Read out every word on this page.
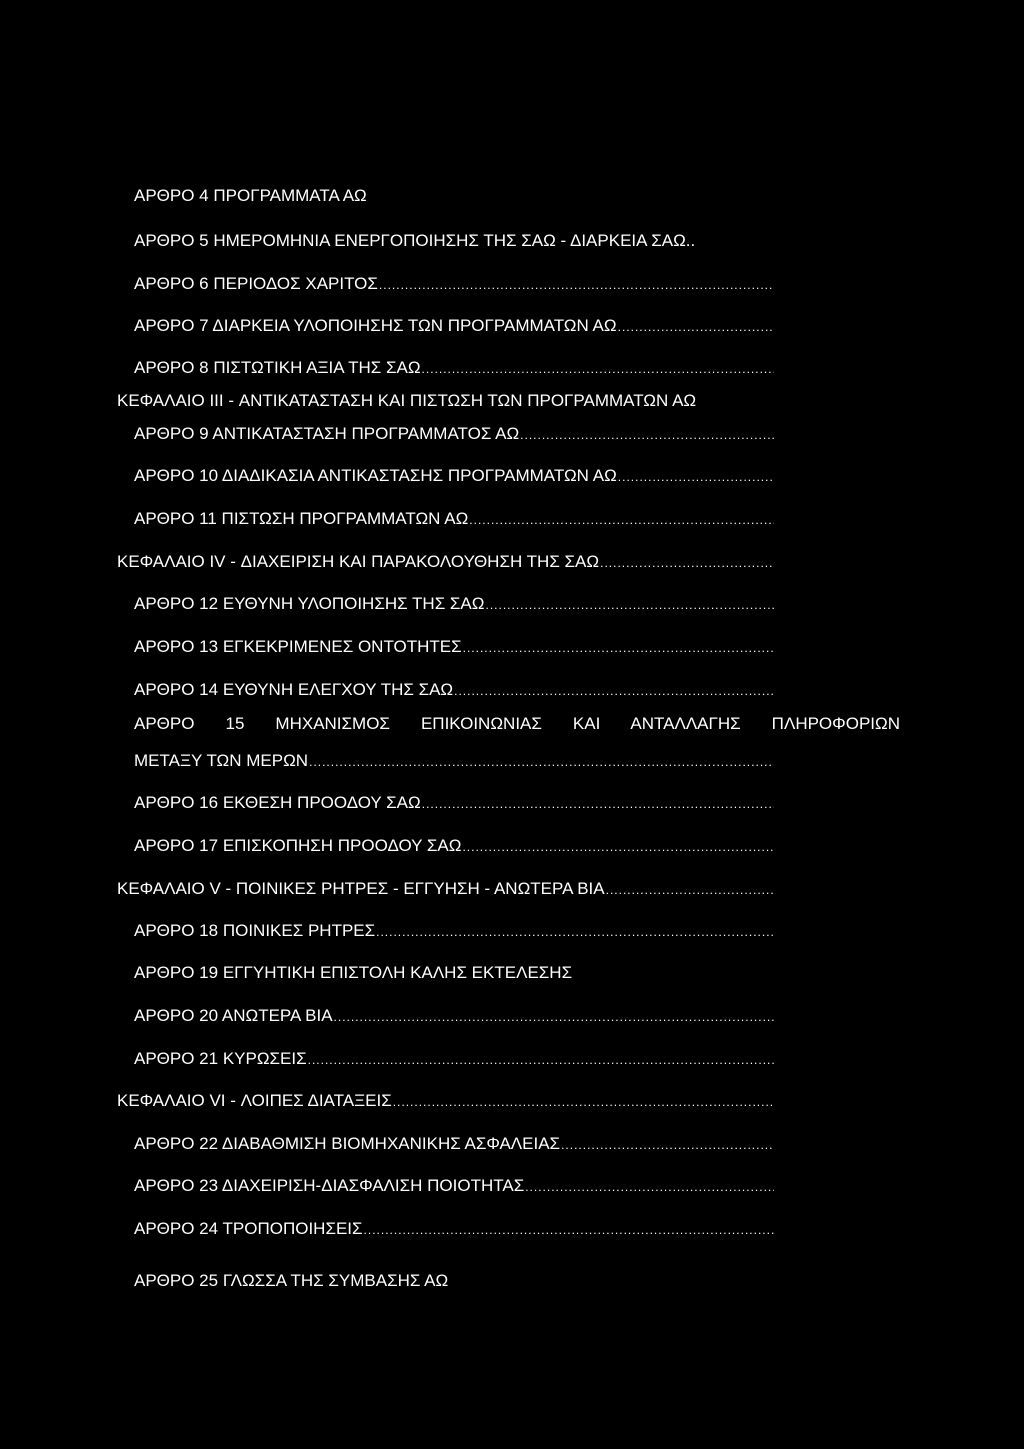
ΑΡΘΡΟ 4 ΠΡΟΓΡΑΜΜΑΤΑ ΑΩ
ΑΡΘΡΟ 5 ΗΜΕΡΟΜΗΝΙΑ ΕΝΕΡΓΟΠΟΙΗΣΗΣ ΤΗΣ ΣΑΩ - ΔΙΑΡΚΕΙΑ ΣΑΩ..
ΑΡΘΡΟ 6 ΠΕΡΙΟΔΟΣ ΧΑΡΙΤΟΣ
.....
ΑΡΘΡΟ 7 ΔΙΑΡΚΕΙΑ ΥΛΟΠΟΙΗΣΗΣ ΤΩΝ ΠΡΟΓΡΑΜΜΑΤΩΝ ΑΩ
.....
ΑΡΘΡΟ 8 ΠΙΣΤΩΤΙΚΗ ΑΞΙΑ ΤΗΣ ΣΑΩ
.....
ΚΕΦΑΛΑΙΟ III - ΑΝΤΙΚΑΤΑΣΤΑΣΗ ΚΑΙ ΠΙΣΤΩΣΗ ΤΩΝ ΠΡΟΓΡΑΜΜΑΤΩΝ ΑΩ
ΑΡΘΡΟ 9 ΑΝΤΙΚΑΤΑΣΤΑΣΗ ΠΡΟΓΡΑΜΜΑΤΟΣ ΑΩ
.....
ΑΡΘΡΟ 10 ΔΙΑΔΙΚΑΣΙΑ ΑΝΤΙΚΑΣΤΑΣΗΣ ΠΡΟΓΡΑΜΜΑΤΩΝ ΑΩ
.....
ΑΡΘΡΟ 11 ΠΙΣΤΩΣΗ ΠΡΟΓΡΑΜΜΑΤΩΝ ΑΩ
.....
ΚΕΦΑΛΑΙΟ IV - ΔΙΑΧΕΙΡΙΣΗ ΚΑΙ ΠΑΡΑΚΟΛΟΥΘΗΣΗ ΤΗΣ ΣΑΩ
.....
ΑΡΘΡΟ 12 ΕΥΘΥΝΗ ΥΛΟΠΟΙΗΣΗΣ ΤΗΣ ΣΑΩ
.....
ΑΡΘΡΟ 13 ΕΓΚΕΚΡΙΜΕΝΕΣ ΟΝΤΟΤΗΤΕΣ
.....
ΑΡΘΡΟ 14 ΕΥΘΥΝΗ ΕΛΕΓΧΟΥ ΤΗΣ ΣΑΩ
.....
ΑΡΘΡΟ 15 ΜΗΧΑΝΙΣΜΟΣ ΕΠΙΚΟΙΝΩΝΙΑΣ ΚΑΙ ΑΝΤΑΛΛΑΓΗΣ ΠΛΗΡΟΦΟΡΙΩΝ
ΜΕΤΑΞΥ ΤΩΝ ΜΕΡΩΝ
.....
ΑΡΘΡΟ 16 ΕΚΘΕΣΗ ΠΡΟΟΔΟΥ ΣΑΩ
.....
ΑΡΘΡΟ 17 ΕΠΙΣΚΟΠΗΣΗ ΠΡΟΟΔΟΥ ΣΑΩ
.....
ΚΕΦΑΛΑΙΟ V - ΠΟΙΝΙΚΕΣ ΡΗΤΡΕΣ - ΕΓΓΥΗΣΗ - ΑΝΩΤΕΡΑ ΒΙΑ
.....
ΑΡΘΡΟ 18 ΠΟΙΝΙΚΕΣ ΡΗΤΡΕΣ
.....
ΑΡΘΡΟ 19 ΕΓΓΥΗΤΙΚΗ ΕΠΙΣΤΟΛΗ ΚΑΛΗΣ ΕΚΤΕΛΕΣΗΣ
ΑΡΘΡΟ 20 ΑΝΩΤΕΡΑ ΒΙΑ
.....
ΑΡΘΡΟ 21 ΚΥΡΩΣΕΙΣ
.....
ΚΕΦΑΛΑΙΟ VI - ΛΟΙΠΕΣ ΔΙΑΤΑΞΕΙΣ
.....
ΑΡΘΡΟ 22 ΔΙΑΒΑΘΜΙΣΗ ΒΙΟΜΗΧΑΝΙΚΗΣ ΑΣΦΑΛΕΙΑΣ
.....
ΑΡΘΡΟ 23 ΔΙΑΧΕΙΡΙΣΗ-ΔΙΑΣΦΑΛΙΣΗ ΠΟΙΟΤΗΤΑΣ
.....
ΑΡΘΡΟ 24 ΤΡΟΠΟΠΟΙΗΣΕΙΣ
.....
ΑΡΘΡΟ 25 ΓΛΩΣΣΑ ΤΗΣ ΣΥΜΒΑΣΗΣ ΑΩ
